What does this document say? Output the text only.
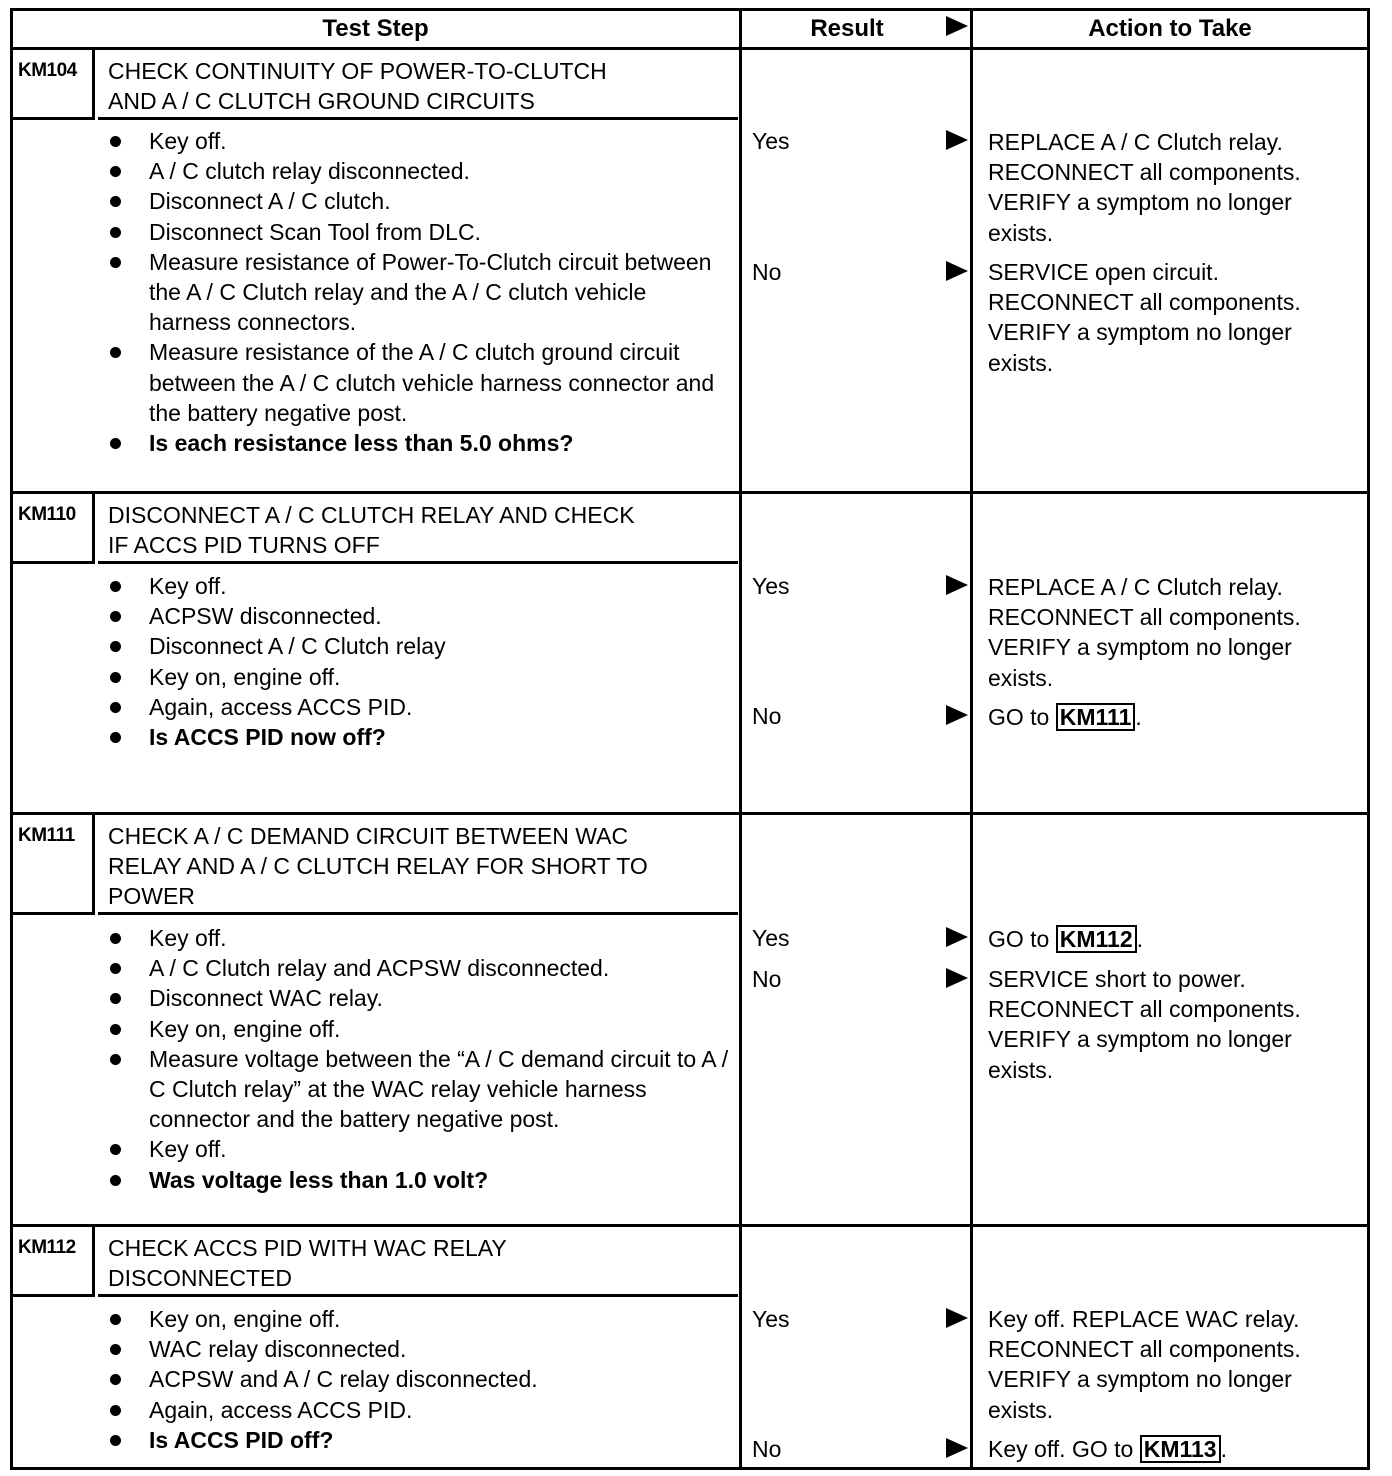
Test Step	Result	Action to Take
KM104	CHECK CONTINUITY OF POWER-TO-CLUTCH
AND A / C CLUTCH GROUND CIRCUITS
Key off.
A / C clutch relay disconnected.
Disconnect A / C clutch.
Disconnect Scan Tool from DLC.
Measure resistance of Power-To-Clutch circuit between the A / C Clutch relay and the A / C clutch vehicle harness connectors.
Measure resistance of the A / C clutch ground circuit between the A / C clutch vehicle harness connector and the battery negative post.
Is each resistance less than 5.0 ohms?
Yes	REPLACE A / C Clutch relay. RECONNECT all components. VERIFY a symptom no longer exists.
No	SERVICE open circuit. RECONNECT all components. VERIFY a symptom no longer exists.
KM110	DISCONNECT A / C CLUTCH RELAY AND CHECK
IF ACCS PID TURNS OFF
Key off.
ACPSW disconnected.
Disconnect A / C Clutch relay
Key on, engine off.
Again, access ACCS PID.
Is ACCS PID now off?
Yes	REPLACE A / C Clutch relay. RECONNECT all components. VERIFY a symptom no longer exists.
No	GO to KM111 .
KM111	CHECK A / C DEMAND CIRCUIT BETWEEN WAC
RELAY AND A / C CLUTCH RELAY FOR SHORT TO
POWER
Key off.
A / C Clutch relay and ACPSW disconnected.
Disconnect WAC relay.
Key on, engine off.
Measure voltage between the “A / C demand circuit to A / C Clutch relay” at the WAC relay vehicle harness connector and the battery negative post.
Key off.
Was voltage less than 1.0 volt?
Yes	GO to KM112 .
No	SERVICE short to power. RECONNECT all components. VERIFY a symptom no longer exists.
KM112	CHECK ACCS PID WITH WAC RELAY
DISCONNECTED
Key on, engine off.
WAC relay disconnected.
ACPSW and A / C relay disconnected.
Again, access ACCS PID.
Is ACCS PID off?
Yes	Key off. REPLACE WAC relay. RECONNECT all components. VERIFY a symptom no longer exists.
No	Key off. GO to KM113 .
